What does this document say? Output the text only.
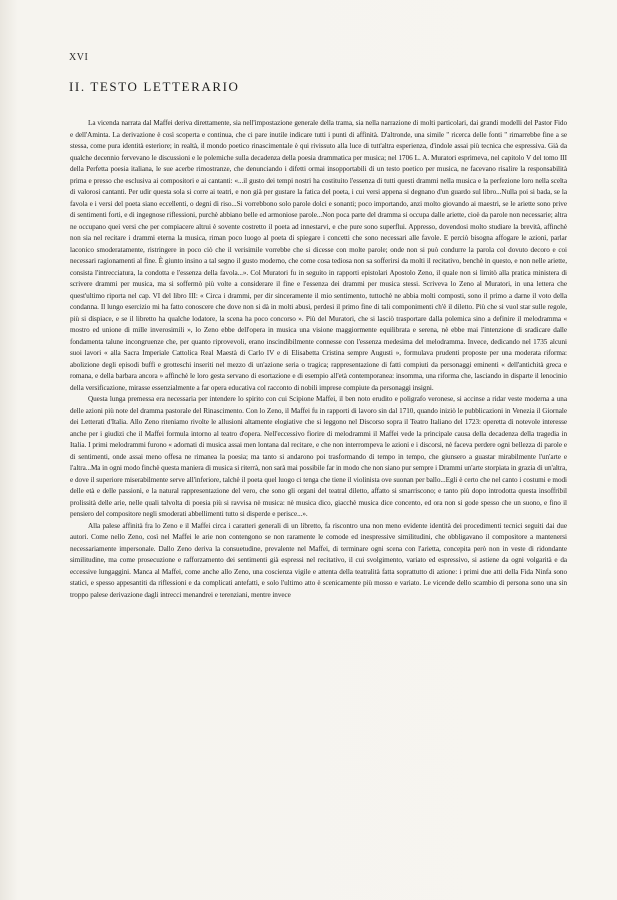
XVI
II. TESTO LETTERARIO

La vicenda narrata dal Maffei deriva direttamente, sia nell'impostazione generale della trama, sia nella narrazione di molti particolari, dai grandi modelli del Pastor Fido e dell'Aminta. La derivazione è così scoperta e continua, che ci pare inutile indicare tutti i punti di affinità. D'altronde, una simile " ricerca delle fonti " rimarrebbe fine a se stessa, come pura identità esteriore; in realtà, il mondo poetico rinascimentale è qui rivissuto alla luce di tutt'altra esperienza, d'indole assai più tecnica che espressiva. Già da qualche decennio fervevano le discussioni e le polemiche sulla decadenza della poesia drammatica per musica; nel 1706 L. A. Muratori esprimeva, nel capitolo V del tomo III della Perfetta poesia italiana, le sue acerbe rimostranze, che denunciando i difetti ormai insopportabili di un testo poetico per musica, ne facevano risalire la responsabilità prima e presso che esclusiva ai compositori e ai cantanti: «...il gusto dei tempi nostri ha costituito l'essenza di tutti questi drammi nella musica e la perfezione loro nella scelta di valorosi cantanti. Per udir questa sola si corre ai teatri, e non già per gustare la fatica del poeta, i cui versi appena si degnano d'un guardo sul libro...Nulla poi si bada, se la favola e i versi del poeta siano eccellenti, o degni di riso...Si vorrebbono solo parole dolci e sonanti; poco importando, anzi molto giovando ai maestri, se le ariette sono prive di sentimenti forti, e di ingegnose riflessioni, purchè abbiano belle ed armoniose parole...Non poca parte del dramma si occupa dalle ariette, cioè da parole non necessarie; altra ne occupano quei versi che per compiacere altrui è sovente costretto il poeta ad innestarvi, e che pure sono superflui. Appresso, dovendosi molto studiare la brevità, affinchè non sia nel recitare i drammi eterna la musica, riman poco luogo al poeta di spiegare i concetti che sono necessari alle favole. E perciò bisogna affogare le azioni, parlar laconico smoderatamente, ristringere in poco ciò che il verisimile vorrebbe che si dicesse con molte parole; onde non si può condurre la parola col dovuto decoro e coi necessari ragionamenti al fine. È giunto insino a tal segno il gusto moderno, che come cosa tediosa non sa sofferirsi da molti il recitativo, benchè in questo, e non nelle ariette, consista l'intrecciatura, la condotta e l'essenza della favola...». Col Muratori fu in seguito in rapporti epistolari Apostolo Zeno, il quale non si limitò alla pratica ministera di scrivere drammi per musica, ma si soffermò più volte a considerare il fine e l'essenza dei drammi per musica stessi. Scriveva lo Zeno al Muratori, in una lettera che quest'ultimo riporta nel cap. VI del libro III: « Circa i drammi, per dir sinceramente il mio sentimento, tuttochè ne abbia molti composti, sono il primo a darne il voto della condanna. Il lungo esercizio mi ha fatto conoscere che dove non si dà in molti abusi, perdesi il primo fine di tali componimenti ch'è il diletto. Più che si vuol star sulle regole, più si dispiace, e se il libretto ha qualche lodatore, la scena ha poco concorso ». Più del Muratori, che si lasciò trasportare dalla polemica sino a definire il melodramma « mostro ed unione di mille inverosimili », lo Zeno ebbe dell'opera in musica una visione maggiormente equilibrata e serena, nè ebbe mai l'intenzione di sradicare dalle fondamenta talune incongruenze che, per quanto riprovevoli, erano inscindibilmente connesse con l'essenza medesima del melodramma. Invece, dedicando nel 1735 alcuni suoi lavori « alla Sacra Imperiale Cattolica Real Maestà di Carlo IV e di Elisabetta Cristina sempre Augusti », formulava prudenti proposte per una moderata riforma: abolizione degli episodi buffi e grotteschi inseriti nel mezzo di un'azione seria o tragica; rappresentazione di fatti compiuti da personaggi eminenti « dell'antichità greca e romana, e della barbara ancora » affinchè le loro gesta servano di esortazione e di esempio all'età contemporanea: insomma, una riforma che, lasciando in disparte il lenocinio della versificazione, mirasse essenzialmente a far opera educativa col racconto di nobili imprese compiute da personaggi insigni.

Questa lunga premessa era necessaria per intendere lo spirito con cui Scipione Maffei, il ben noto erudito e poligrafo veronese, si accinse a ridar veste moderna a una delle azioni più note del dramma pastorale del Rinascimento. Con lo Zeno, il Maffei fu in rapporti di lavoro sin dal 1710, quando iniziò le pubblicazioni in Venezia il Giornale dei Letterati d'Italia. Allo Zeno riteniamo rivolte le allusioni altamente elogiative che si leggono nel Discorso sopra il Teatro Italiano del 1723: operetta di notevole interesse anche per i giudizi che il Maffei formula intorno al teatro d'opera. Nell'eccessivo fiorire di melodrammi il Maffei vede la principale causa della decadenza della tragedia in Italia. I primi melodrammi furono « adornati di musica assai men lontana dal recitare, e che non interrompeva le azioni e i discorsi, nè faceva perdere ogni bellezza di parole e di sentimenti, onde assai meno offesa ne rimanea la poesia; ma tanto si andarono poi trasformando di tempo in tempo, che giunsero a guastar mirabilmente l'un'arte e l'altra...Ma in ogni modo finchè questa maniera di musica si riterrà, non sarà mai possibile far in modo che non siano pur sempre i Drammi un'arte storpiata in grazia di un'altra, e dove il superiore miserabilmente serve all'inferiore, talchè il poeta quel luogo ci tenga che tiene il violinista ove suonan per ballo...Egli è certo che nel canto i costumi e modi delle età e delle passioni, e la natural rappresentazione del vero, che sono gli organi del teatral diletto, affatto si smarriscono; e tanto più dopo introdotta questa insoffribil prolissità delle arie, nelle quali talvolta di poesia più si ravvisa nè musica: nè musica dico, giacchè musica dice concento, ed ora non si gode spesso che un suono, e fino il pensiero del compositore negli smoderati abbellimenti tutto si disperde e perisce...».

Alla palese affinità fra lo Zeno e il Maffei circa i caratteri generali di un libretto, fa riscontro una non meno evidente identità dei procedimenti tecnici seguiti dai due autori. Come nello Zeno, così nel Maffei le arie non contengono se non raramente le comode ed inespressive similitudini, che obbligavano il compositore a mantenersi necessariamente impersonale. Dallo Zeno deriva la consuetudine, prevalente nel Maffei, di terminare ogni scena con l'arietta, concepita però non in veste di ridondante similitudine, ma come prosecuzione e rafforzamento dei sentimenti già espressi nel recitativo, il cui svolgimento, variato ed espressivo, si astiene da ogni volgarità e da eccessive lungaggini. Manca al Maffei, come anche allo Zeno, una coscienza vigile e attenta della teatralità fatta soprattutto di azione: i primi due atti della Fida Ninfa sono statici, e spesso appesantiti da riflessioni e da complicati antefatti, e solo l'ultimo atto è scenicamente più mosso e variato. Le vicende dello scambio di persona sono una sin troppo palese derivazione dagli intrecci menandrei e terenziani, mentre invece
